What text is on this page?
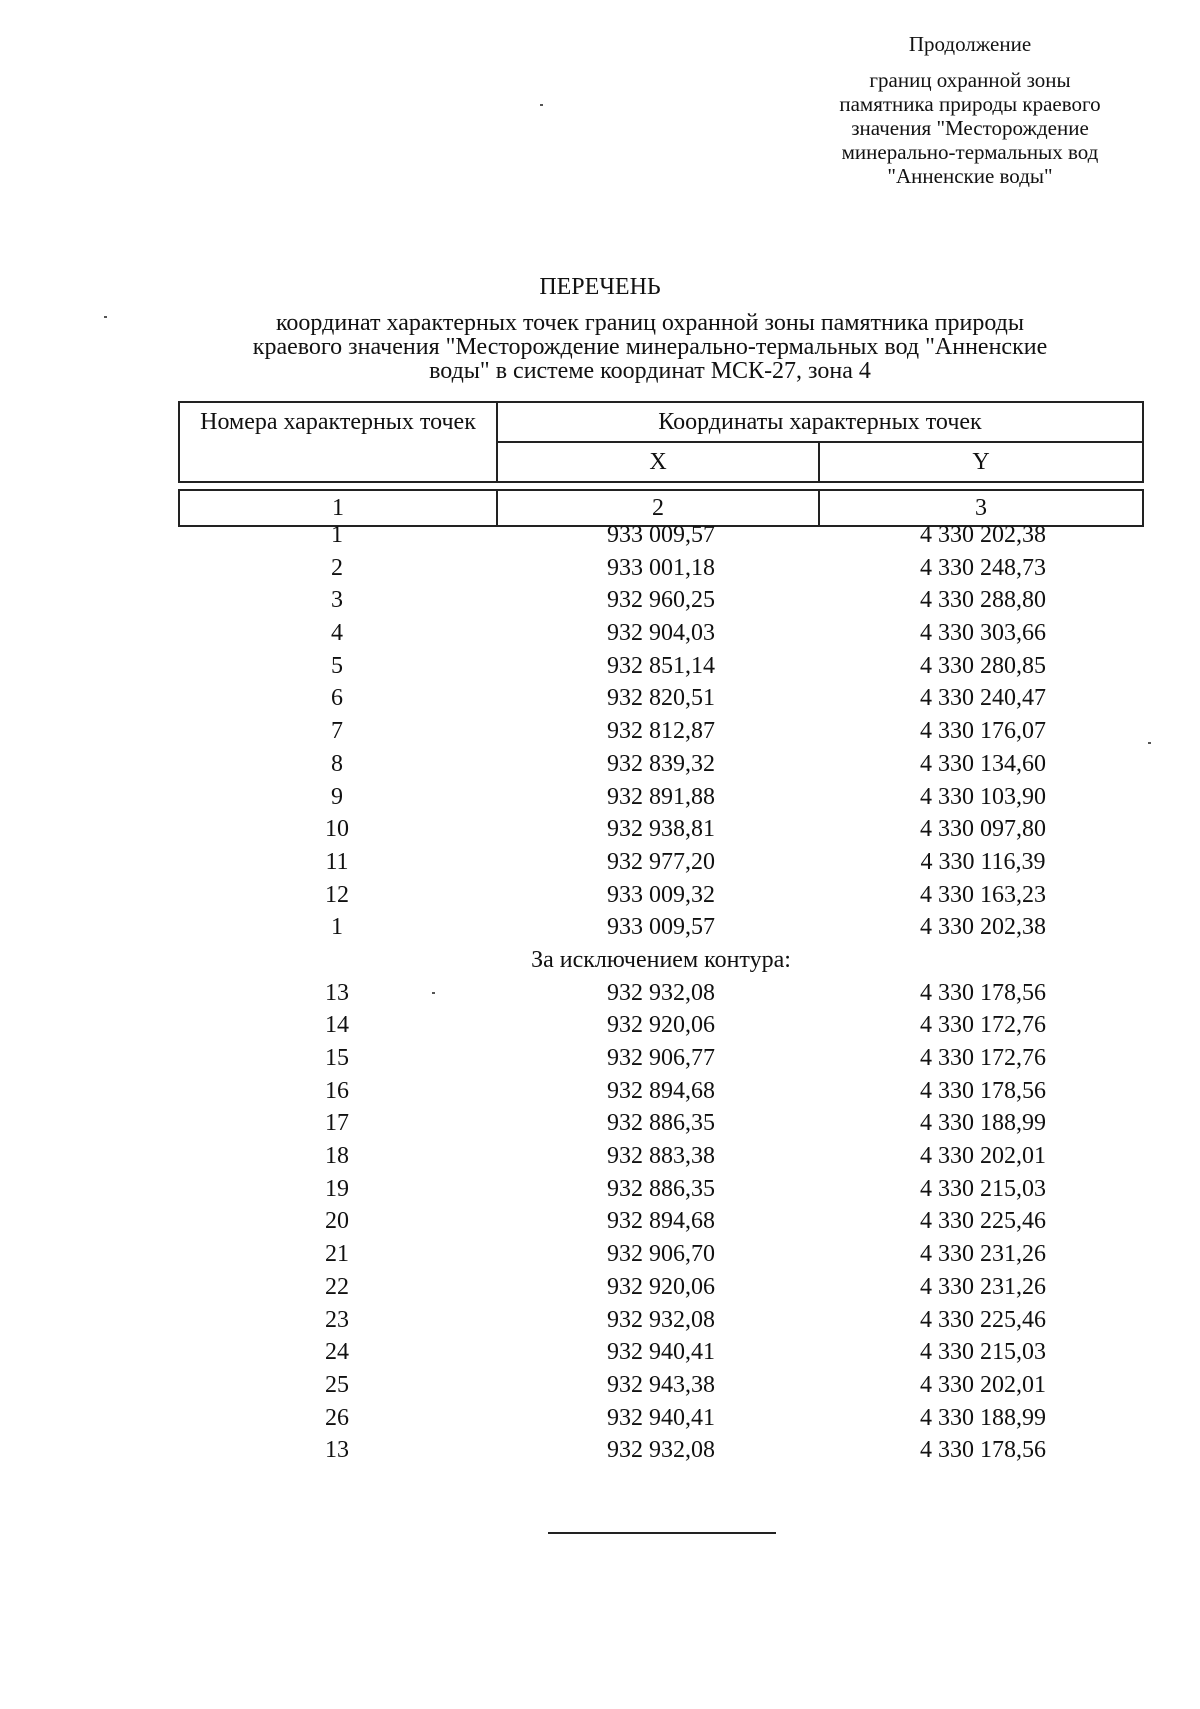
Продолжение
границ охранной зоны
памятника природы краевого
значения "Месторождение
минерально-термальных вод
"Анненские воды"
ПЕРЕЧЕНЬ
координат характерных точек границ охранной зоны памятника природы
краевого значения "Месторождение минерально-термальных вод "Анненские
воды" в системе координат МСК-27, зона 4
Номера характерных точек	Координаты характерных точек	
	X	Y

1	2	3
1	933 009,57	4 330 202,38
2	933 001,18	4 330 248,73
3	932 960,25	4 330 288,80
4	932 904,03	4 330 303,66
5	932 851,14	4 330 280,85
6	932 820,51	4 330 240,47
7	932 812,87	4 330 176,07
8	932 839,32	4 330 134,60
9	932 891,88	4 330 103,90
10	932 938,81	4 330 097,80
11	932 977,20	4 330 116,39
12	933 009,32	4 330 163,23
1	933 009,57	4 330 202,38
За исключением контура:
13	932 932,08	4 330 178,56
14	932 920,06	4 330 172,76
15	932 906,77	4 330 172,76
16	932 894,68	4 330 178,56
17	932 886,35	4 330 188,99
18	932 883,38	4 330 202,01
19	932 886,35	4 330 215,03
20	932 894,68	4 330 225,46
21	932 906,70	4 330 231,26
22	932 920,06	4 330 231,26
23	932 932,08	4 330 225,46
24	932 940,41	4 330 215,03
25	932 943,38	4 330 202,01
26	932 940,41	4 330 188,99
13	932 932,08	4 330 178,56
